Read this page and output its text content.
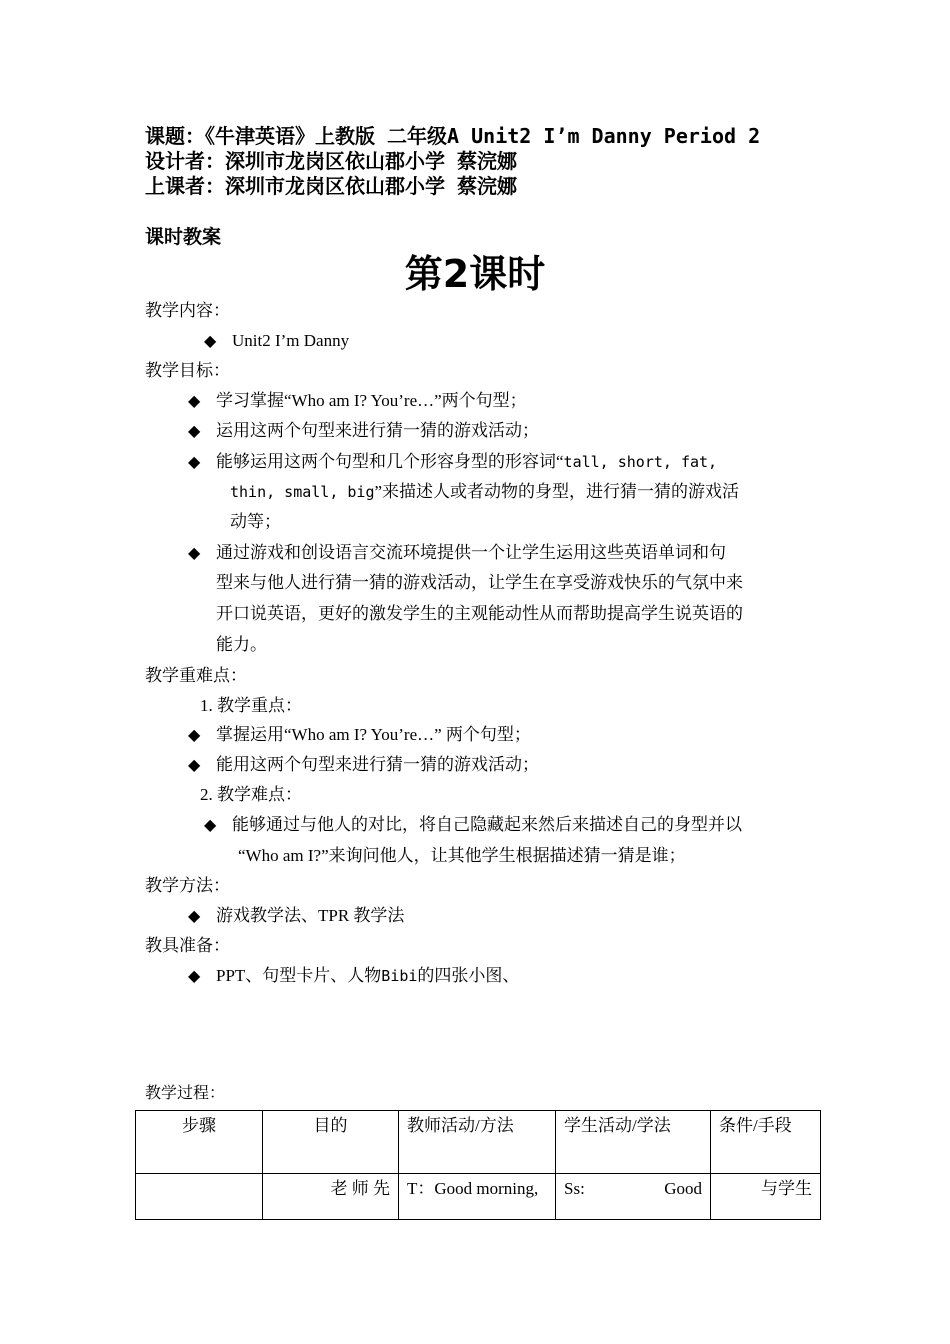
课题：《牛津英语》上教版 二年级A Unit2 I’m Danny Period 2
设计者：深圳市龙岗区依山郡小学 蔡浣娜
上课者：深圳市龙岗区依山郡小学 蔡浣娜
课时教案
第2课时
教学内容：
◆ Unit2 I’m Danny
教学目标：
◆ 学习掌握“Who am I? You’re…”两个句型；
◆ 运用这两个句型来进行猜一猜的游戏活动；
◆ 能够运用这两个句型和几个形容身型的形容词“tall, short, fat,
thin, small, big”来描述人或者动物的身型，进行猜一猜的游戏活
动等；
◆ 通过游戏和创设语言交流环境提供一个让学生运用这些英语单词和句
型来与他人进行猜一猜的游戏活动，让学生在享受游戏快乐的气氛中来
开口说英语，更好的激发学生的主观能动性从而帮助提高学生说英语的
能力。
教学重难点：
1. 教学重点：
◆ 掌握运用“Who am I? You’re…” 两个句型；
◆ 能用这两个句型来进行猜一猜的游戏活动；
2. 教学难点：
◆ 能够通过与他人的对比，将自己隐藏起来然后来描述自己的身型并以
“Who am I?”来询问他人，让其他学生根据描述猜一猜是谁；
教学方法：
◆ 游戏教学法、TPR 教学法
教具准备：
◆ PPT、句型卡片、人物Bibi的四张小图、
教学过程：
步骤	目的	教师活动/方法	学生活动/学法	条件/手段
	老 师 先	T：Good morning,	Ss: Good	与学生
